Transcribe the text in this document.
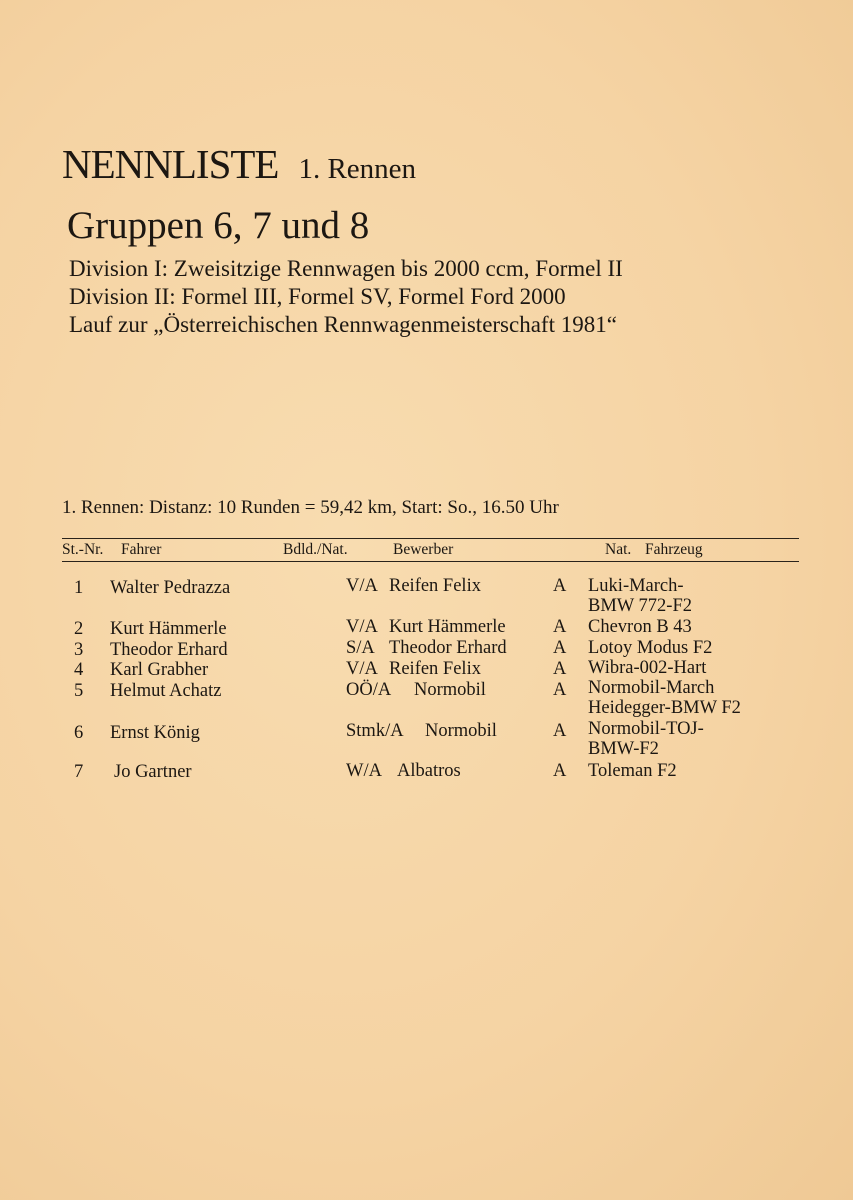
NENNLISTE 1. Rennen
Gruppen 6, 7 und 8
Division I: Zweisitzige Rennwagen bis 2000 ccm, Formel II
Division II: Formel III, Formel SV, Formel Ford 2000
Lauf zur „Österreichischen Rennwagenmeisterschaft 1981“
1. Rennen: Distanz: 10 Runden = 59,42 km, Start: So., 16.50 Uhr
St.-Nr. Fahrer	Bdld./Nat.	Bewerber	Nat. Fahrzeug
1 Walter Pedrazza	V/A Reifen Felix	A Luki-March-
BMW 772-F2
2 Kurt Hämmerle	V/A Kurt Hämmerle	A Chevron B 43
3 Theodor Erhard	S/A Theodor Erhard	A Lotoy Modus F2
4 Karl Grabher	V/A Reifen Felix	A Wibra-002-Hart
5 Helmut Achatz	OÖ/A Normobil	A Normobil-March
Heidegger-BMW F2
6 Ernst König	Stmk/A Normobil	A Normobil-TOJ-
BMW-F2
7 Jo Gartner	W/A Albatros	A Toleman F2
